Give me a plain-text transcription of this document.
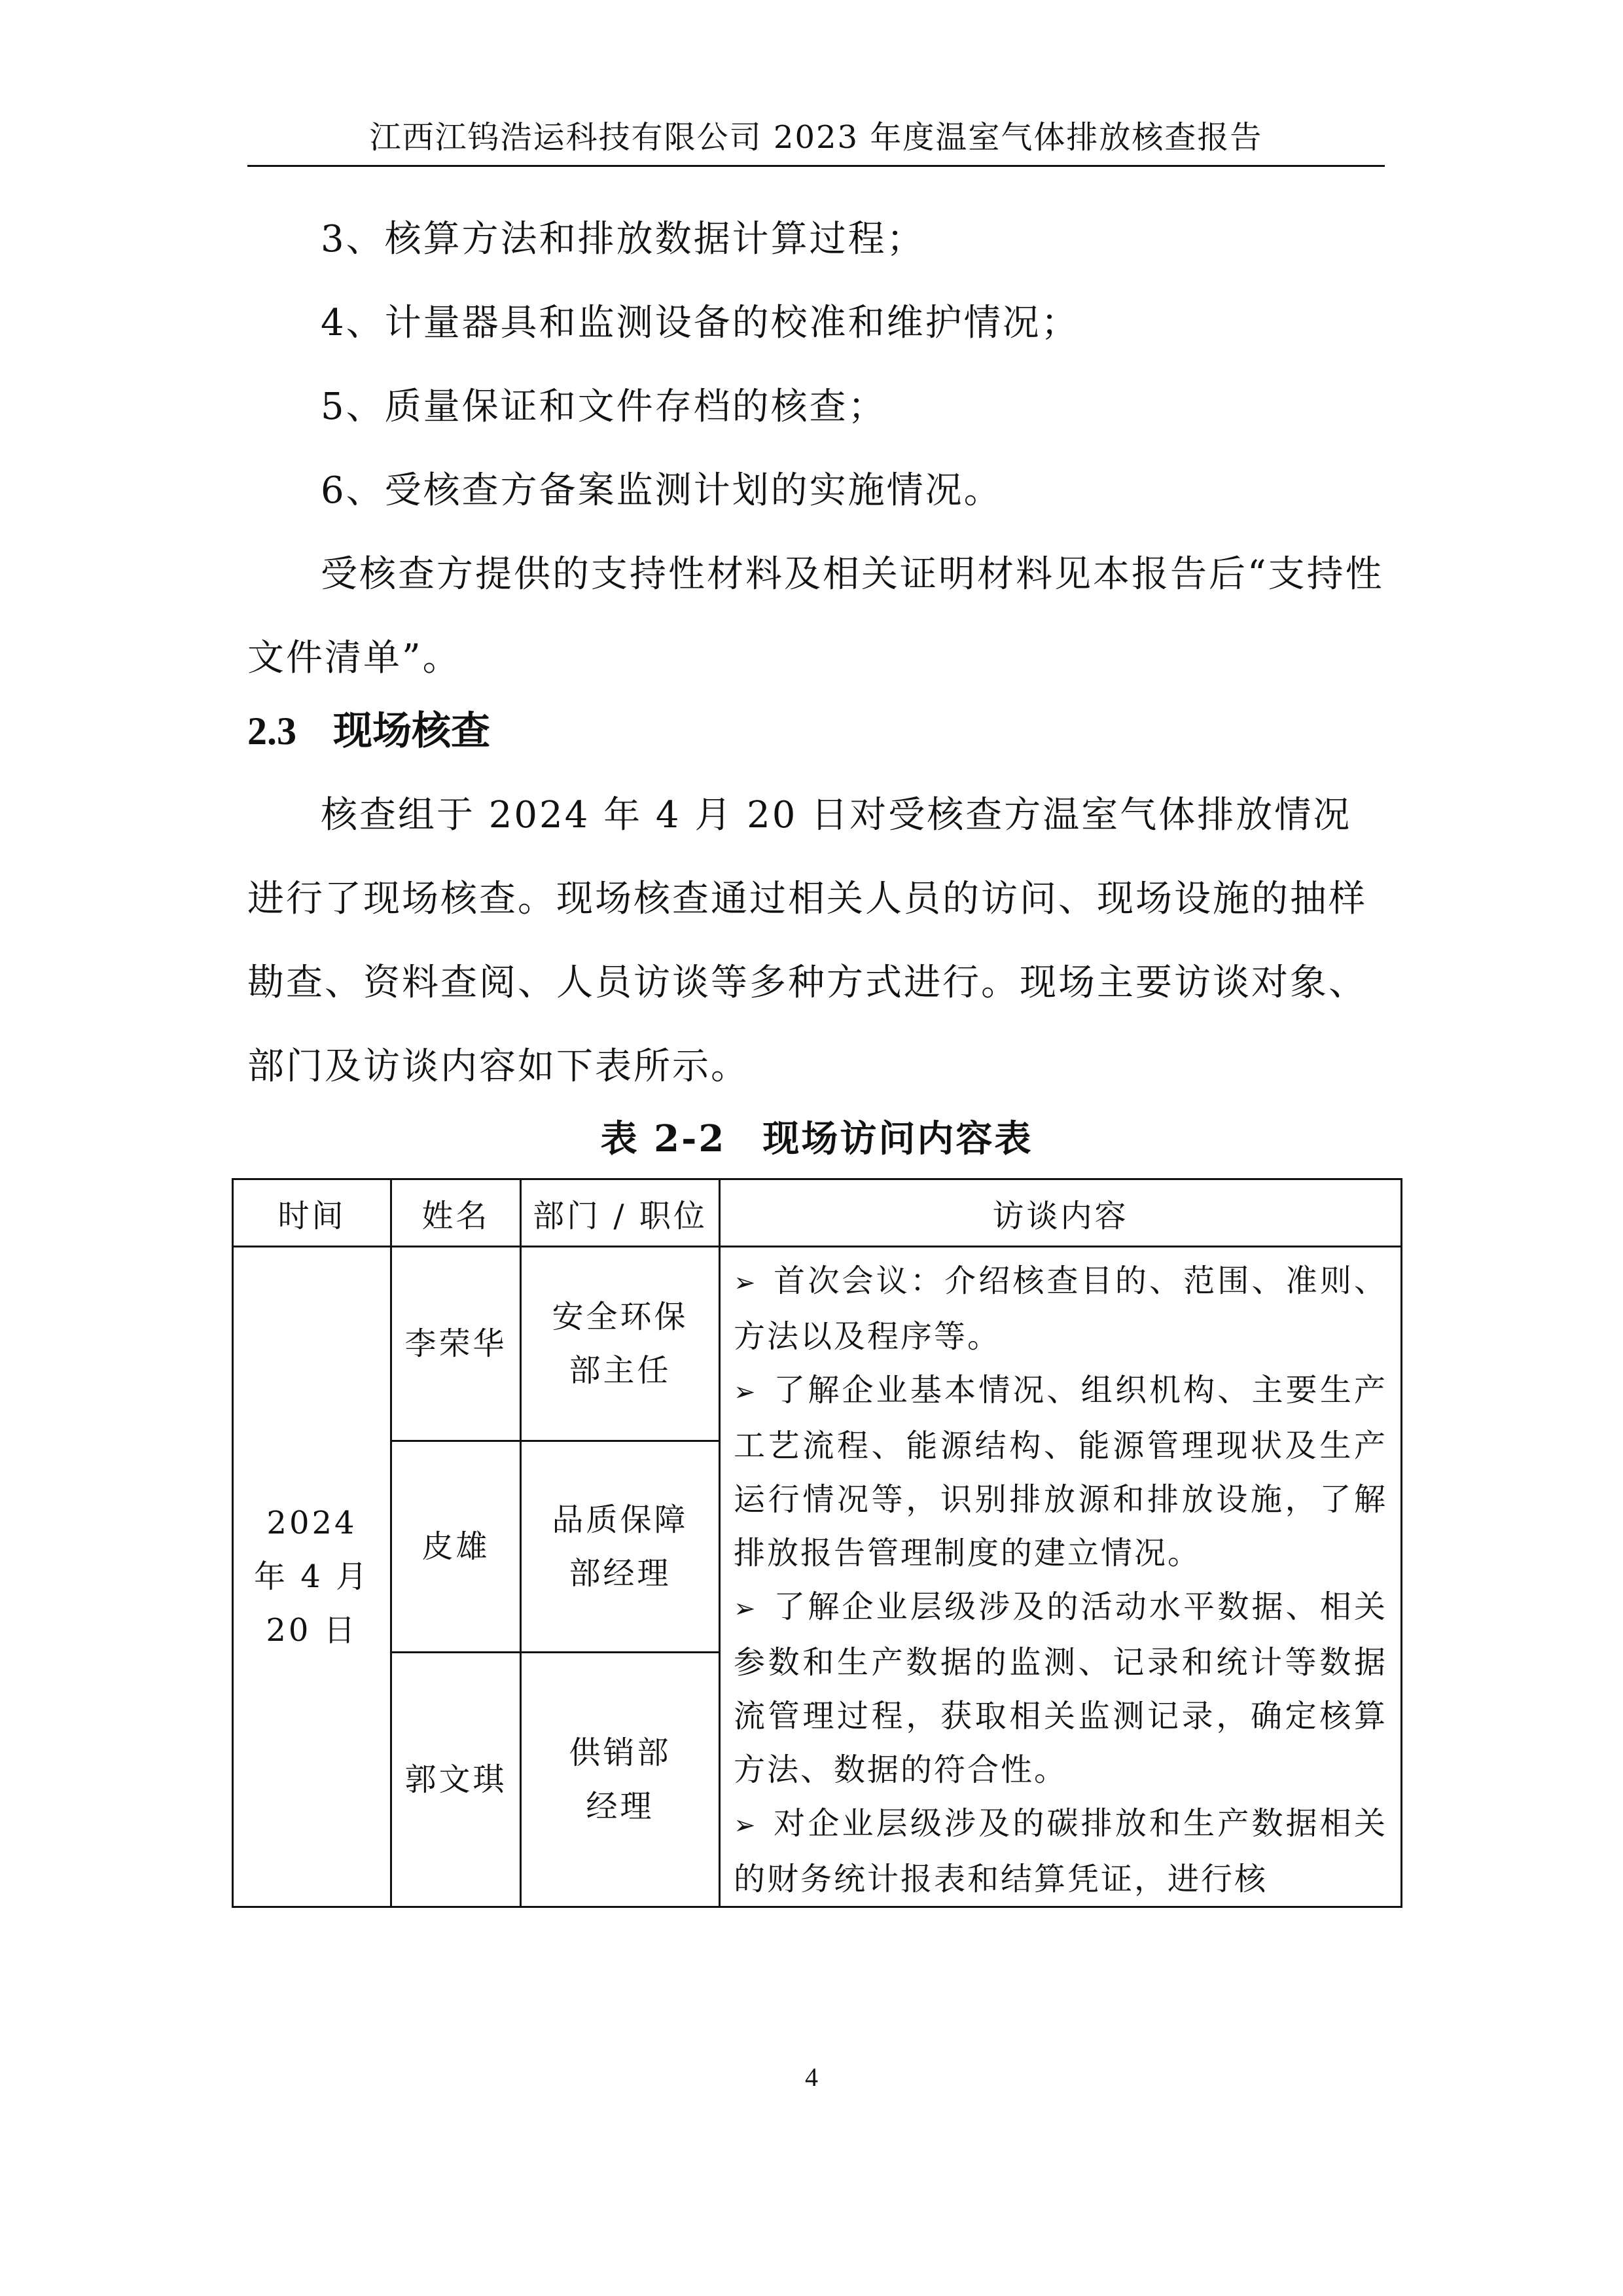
江西江钨浩运科技有限公司 2023 年度温室气体排放核查报告

3、核算方法和排放数据计算过程；

4、计量器具和监测设备的校准和维护情况；

5、质量保证和文件存档的核查；

6、受核查方备案监测计划的实施情况。

受核查方提供的支持性材料及相关证明材料见本报告后“支持性文件清单”。

2.3 现场核查

核查组于 2024 年 4 月 20 日对受核查方温室气体排放情况进行了现场核查。现场核查通过相关人员的访问、现场设施的抽样勘查、资料查阅、人员访谈等多种方式进行。现场主要访谈对象、部门及访谈内容如下表所示。

表 2-2 现场访问内容表
时间	姓名	部门 / 职位	访谈内容

2024 年 4 月 20 日	李荣华	安全环保部主任	➢ 首次会议：介绍核查目的、范围、准则、方法以及程序等。
➢ 了解企业基本情况、组织机构、主要生产工艺流程、能源结构、能源管理现状及生产运行情况等，识别排放源和排放设施，了解排放报告管理制度的建立情况。
➢ 了解企业层级涉及的活动水平数据、相关参数和生产数据的监测、记录和统计等数据流管理过程，获取相关监测记录，确定核算方法、数据的符合性。
➢ 对企业层级涉及的碳排放和生产数据相关的财务统计报表和结算凭证，进行核

	皮雄	品质保障部经理	

	郭文琪	供销部经理	
4
